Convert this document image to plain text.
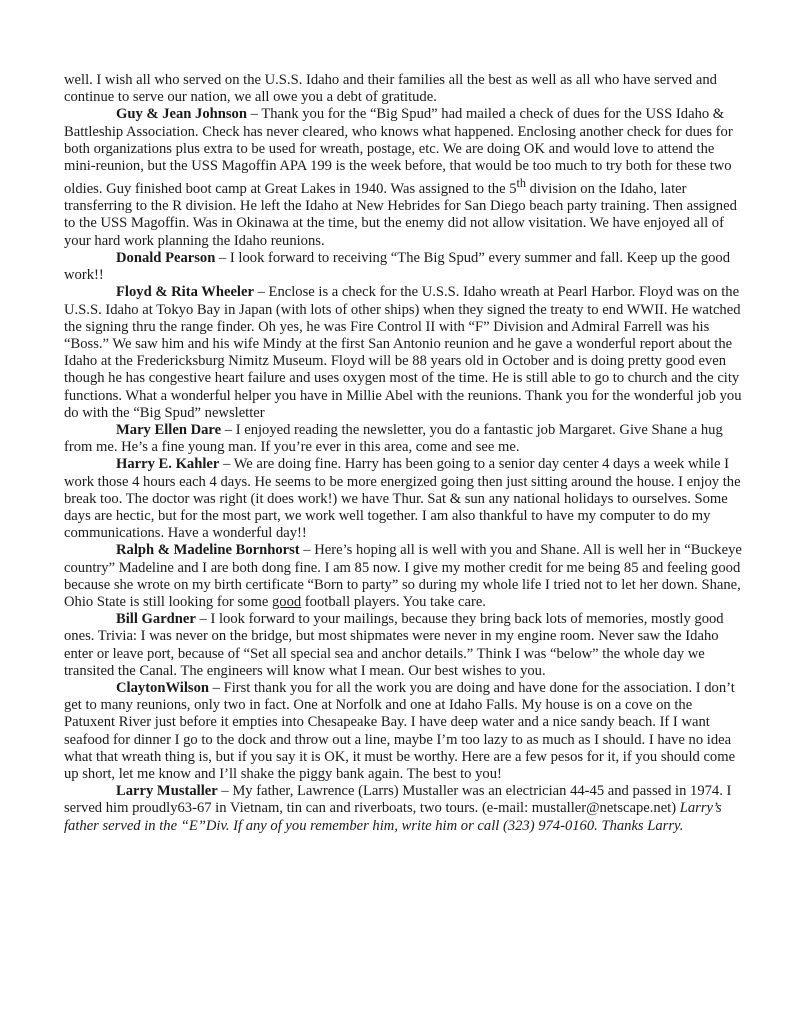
well. I wish all who served on the U.S.S. Idaho and their families all the best as well as all who have served and continue to serve our nation, we all owe you a debt of gratitude.

Guy & Jean Johnson – Thank you for the “Big Spud” had mailed a check of dues for the USS Idaho & Battleship Association. Check has never cleared, who knows what happened. Enclosing another check for dues for both organizations plus extra to be used for wreath, postage, etc. We are doing OK and would love to attend the mini-reunion, but the USS Magoffin APA 199 is the week before, that would be too much to try both for these two oldies. Guy finished boot camp at Great Lakes in 1940. Was assigned to the 5th division on the Idaho, later transferring to the R division. He left the Idaho at New Hebrides for San Diego beach party training. Then assigned to the USS Magoffin. Was in Okinawa at the time, but the enemy did not allow visitation. We have enjoyed all of your hard work planning the Idaho reunions.

Donald Pearson – I look forward to receiving “The Big Spud” every summer and fall. Keep up the good work!!

Floyd & Rita Wheeler – Enclose is a check for the U.S.S. Idaho wreath at Pearl Harbor. Floyd was on the U.S.S. Idaho at Tokyo Bay in Japan (with lots of other ships) when they signed the treaty to end WWII. He watched the signing thru the range finder. Oh yes, he was Fire Control II with “F” Division and Admiral Farrell was his “Boss.” We saw him and his wife Mindy at the first San Antonio reunion and he gave a wonderful report about the Idaho at the Fredericksburg Nimitz Museum. Floyd will be 88 years old in October and is doing pretty good even though he has congestive heart failure and uses oxygen most of the time. He is still able to go to church and the city functions. What a wonderful helper you have in Millie Abel with the reunions. Thank you for the wonderful job you do with the “Big Spud” newsletter

Mary Ellen Dare – I enjoyed reading the newsletter, you do a fantastic job Margaret. Give Shane a hug from me. He’s a fine young man. If you’re ever in this area, come and see me.

Harry E. Kahler – We are doing fine. Harry has been going to a senior day center 4 days a week while I work those 4 hours each 4 days. He seems to be more energized going then just sitting around the house. I enjoy the break too. The doctor was right (it does work!) we have Thur. Sat & sun any national holidays to ourselves. Some days are hectic, but for the most part, we work well together. I am also thankful to have my computer to do my communications. Have a wonderful day!!

Ralph & Madeline Bornhorst – Here’s hoping all is well with you and Shane. All is well her in “Buckeye country” Madeline and I are both dong fine. I am 85 now. I give my mother credit for me being 85 and feeling good because she wrote on my birth certificate “Born to party” so during my whole life I tried not to let her down. Shane, Ohio State is still looking for some good football players. You take care.

Bill Gardner – I look forward to your mailings, because they bring back lots of memories, mostly good ones. Trivia: I was never on the bridge, but most shipmates were never in my engine room. Never saw the Idaho enter or leave port, because of “Set all special sea and anchor details.” Think I was “below” the whole day we transited the Canal. The engineers will know what I mean. Our best wishes to you.

ClaytonWilson – First thank you for all the work you are doing and have done for the association. I don’t get to many reunions, only two in fact. One at Norfolk and one at Idaho Falls. My house is on a cove on the Patuxent River just before it empties into Chesapeake Bay. I have deep water and a nice sandy beach. If I want seafood for dinner I go to the dock and throw out a line, maybe I’m too lazy to as much as I should. I have no idea what that wreath thing is, but if you say it is OK, it must be worthy. Here are a few pesos for it, if you should come up short, let me know and I’ll shake the piggy bank again. The best to you!

Larry Mustaller – My father, Lawrence (Larrs) Mustaller was an electrician 44-45 and passed in 1974. I served him proudly63-67 in Vietnam, tin can and riverboats, two tours. (e-mail: mustaller@netscape.net) Larry’s father served in the “E”Div. If any of you remember him, write him or call (323) 974-0160. Thanks Larry.
